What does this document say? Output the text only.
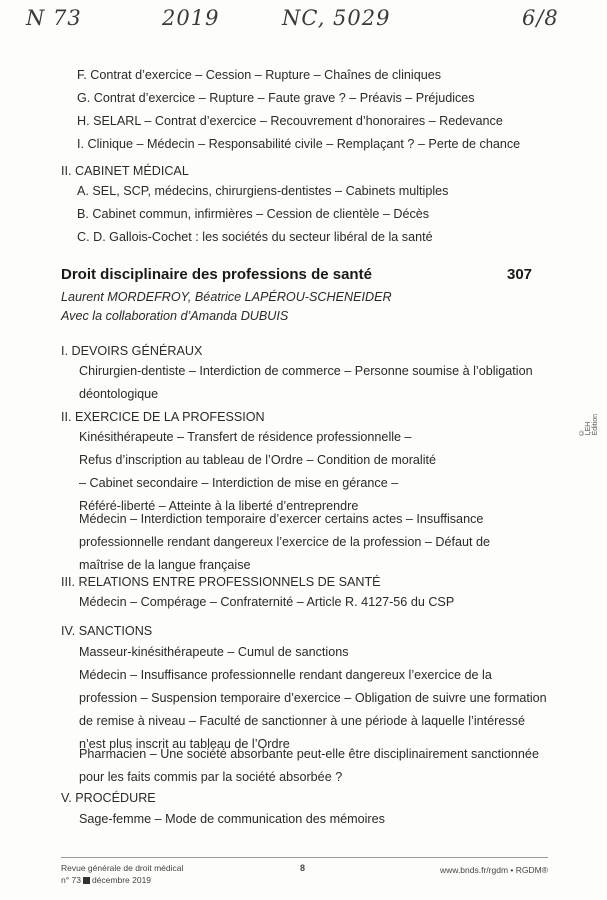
N 73	2019	NC, 5029	6/8
F. Contrat d’exercice – Cession – Rupture – Chaînes de cliniques
G. Contrat d’exercice – Rupture – Faute grave ? – Préavis – Préjudices
H. SELARL – Contrat d’exercice – Recouvrement d’honoraires – Redevance
I. Clinique – Médecin – Responsabilité civile – Remplaçant ? – Perte de chance
II. CABINET MÉDICAL
A. SEL, SCP, médecins, chirurgiens-dentistes – Cabinets multiples
B. Cabinet commun, infirmières – Cession de clientèle – Décès
C. D. Gallois-Cochet : les sociétés du secteur libéral de la santé
Droit disciplinaire des professions de santé	307
Laurent MORDEFROY, Béatrice LAPÉROU-SCHENEIDER
Avec la collaboration d’Amanda DUBUIS
I. DEVOIRS GÉNÉRAUX
Chirurgien-dentiste – Interdiction de commerce – Personne soumise à l’obligation déontologique
II. EXERCICE DE LA PROFESSION
Kinésithérapeute – Transfert de résidence professionnelle – Refus d’inscription au tableau de l’Ordre – Condition de moralité – Cabinet secondaire – Interdiction de mise en gérance – Référé-liberté – Atteinte à la liberté d’entreprendre
Médecin – Interdiction temporaire d’exercer certains actes – Insuffisance professionnelle rendant dangereux l’exercice de la profession – Défaut de maîtrise de la langue française
III. RELATIONS ENTRE PROFESSIONNELS DE SANTÉ
Médecin – Compérage – Confraternité – Article R. 4127-56 du CSP
IV. SANCTIONS
Masseur-kinésithérapeute – Cumul de sanctions
Médecin – Insuffisance professionnelle rendant dangereux l’exercice de la profession – Suspension temporaire d’exercice – Obligation de suivre une formation de remise à niveau – Faculté de sanctionner à une période à laquelle l’intéressé n’est plus inscrit au tableau de l’Ordre
Pharmacien – Une société absorbante peut-elle être disciplinairement sanctionnée pour les faits commis par la société absorbée ?
V. PROCÉDURE
Sage-femme – Mode de communication des mémoires
© LEH Édition
Revue générale de droit médical
n° 73 décembre 2019
8	www.bnds.fr/rgdm • RGDM®
